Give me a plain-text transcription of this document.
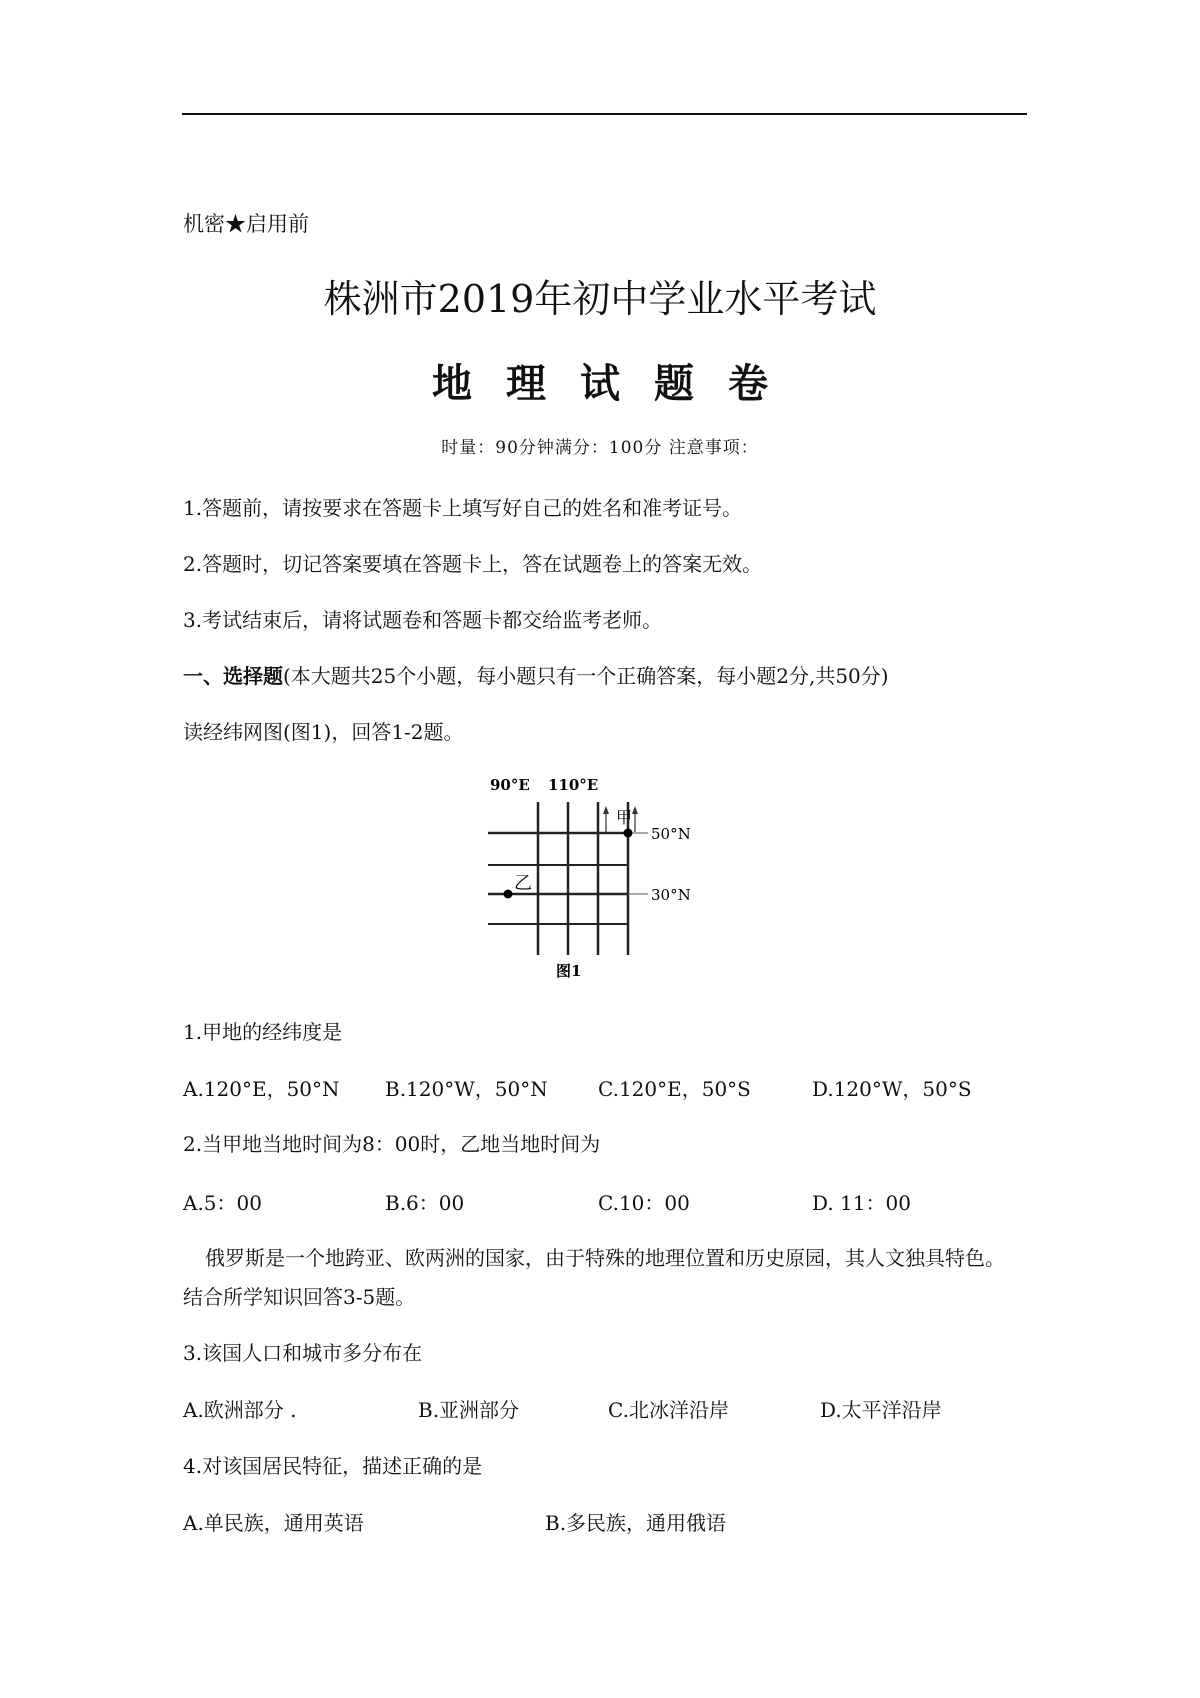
机密★启用前
株洲市2019年初中学业水平考试
地理试题卷
时量：90分钟满分：100分 注意事项：
1.答题前，请按要求在答题卡上填写好自己的姓名和准考证号。
2.答题时，切记答案要填在答题卡上，答在试题卷上的答案无效。
3.考试结束后，请将试题卷和答题卡都交给监考老师。
一、选择题(本大题共25个小题，每小题只有一个正确答案，每小题2分,共50分)
读经纬网图(图1)，回答1-2题。
90°E 110°E
50°N
30°N
甲
乙
图1
1.甲地的经纬度是
A.120°E，50°N B.120°W，50°N	C.120°E，50°S	D.120°W，50°S
2.当甲地当地时间为8：00时，乙地当地时间为
A.5：00	B.6：00	C.10：00	D. 11：00
俄罗斯是一个地跨亚、欧两洲的国家，由于特殊的地理位置和历史原园，其人文独具特色。
结合所学知识回答3-5题。
3.该国人口和城市多分布在
A.欧洲部分 .	B.亚洲部分	C.北冰洋沿岸	D.太平洋沿岸
4.对该国居民特征，描述正确的是
A.单民族，通用英语	B.多民族，通用俄语
